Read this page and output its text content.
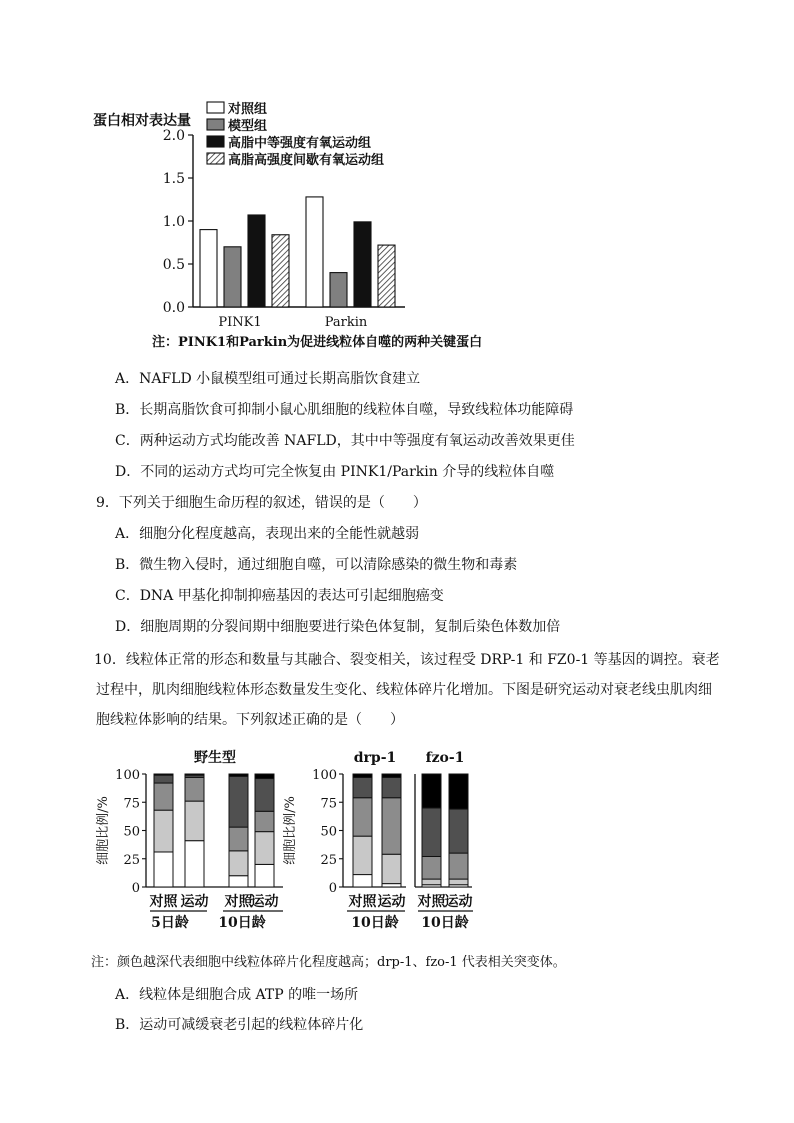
蛋白相对表达量
2.0
1.5
1.0
0.5
0.0
PINK1	Parkin
对照组
模型组
高脂中等强度有氧运动组
高脂高强度间歇有氧运动组
注：PINK1和Parkin为促进线粒体自噬的两种关键蛋白
A．NAFLD 小鼠模型组可通过长期高脂饮食建立
B．长期高脂饮食可抑制小鼠心肌细胞的线粒体自噬，导致线粒体功能障碍
C．两种运动方式均能改善 NAFLD，其中中等强度有氧运动改善效果更佳
D．不同的运动方式均可完全恢复由 PINK1/Parkin 介导的线粒体自噬
9．下列关于细胞生命历程的叙述，错误的是（　　）
A．细胞分化程度越高，表现出来的全能性就越弱
B．微生物入侵时，通过细胞自噬，可以清除感染的微生物和毒素
C．DNA 甲基化抑制抑癌基因的表达可引起细胞癌变
D．细胞周期的分裂间期中细胞要进行染色体复制，复制后染色体数加倍
10．线粒体正常的形态和数量与其融合、裂变相关，该过程受 DRP-1 和 FZ0-1 等基因的调控。衰老
过程中，肌肉细胞线粒体形态数量发生变化、线粒体碎片化增加。下图是研究运动对衰老线虫肌肉细
胞线粒体影响的结果。下列叙述正确的是（　　）
野生型
100
75
50
25
0
细胞比例/%
对照 运动 对照
运动
5日龄 10日龄
drp-1
100
75
50
25
0
细胞比例/%
对照 运动
10日龄
fzo-1
对照 运动
10日龄
注：颜色越深代表细胞中线粒体碎片化程度越高；drp-1、fzo-1 代表相关突变体。
A．线粒体是细胞合成 ATP 的唯一场所
B．运动可减缓衰老引起的线粒体碎片化
